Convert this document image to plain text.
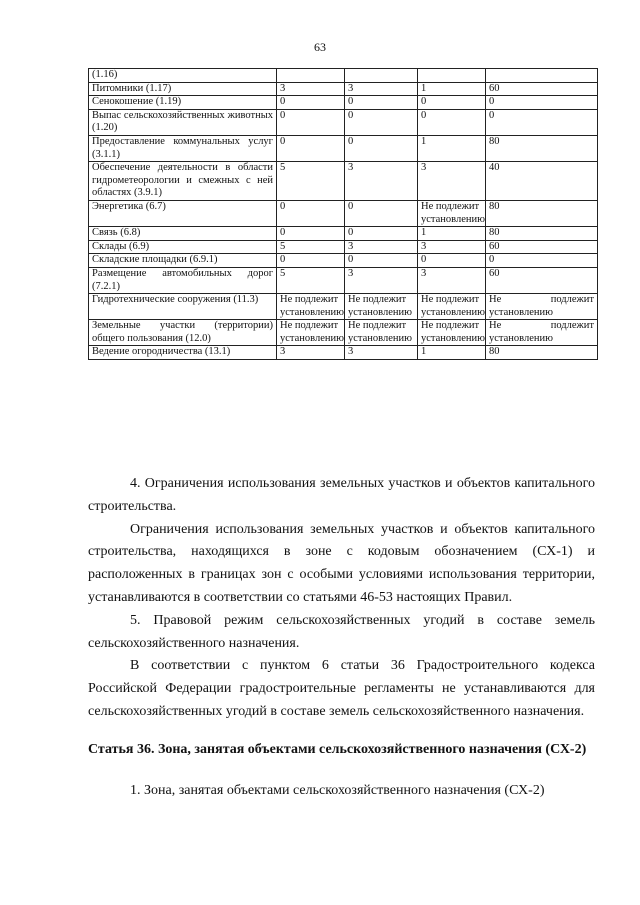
63
(1.16)				
Питомники (1.17)	3	3	1	60
Сенокошение (1.19)	0	0	0	0
Выпас сельскохозяйственных животных (1.20)	0	0	0	0
Предоставление коммунальных услуг (3.1.1)	0	0	1	80
Обеспечение деятельности в области гидрометеорологии и смежных с ней областях (3.9.1)	5	3	3	40
Энергетика (6.7)	0	0	Не подлежит установлению	80
Связь (6.8)	0	0	1	80
Склады (6.9)	5	3	3	60
Складские площадки (6.9.1)	0	0	0	0
Размещение автомобильных дорог (7.2.1)	5	3	3	60
Гидротехнические сооружения (11.3)	Не подлежит установлению	Не подлежит установлению	Не подлежит установлению	Не подлежит установлению
Земельные участки (территории) общего пользования (12.0)	Не подлежит установлению	Не подлежит установлению	Не подлежит установлению	Не подлежит установлению
Ведение огородничества (13.1)	3	3	1	80

4. Ограничения использования земельных участков и объектов капитального строительства.

Ограничения использования земельных участков и объектов капитального строительства, находящихся в зоне с кодовым обозначением (СХ-1) и расположенных в границах зон с особыми условиями использования территории, устанавливаются в соответствии со статьями 46-53 настоящих Правил.

5. Правовой режим сельскохозяйственных угодий в составе земель сельскохозяйственного назначения.

В соответствии с пунктом 6 статьи 36 Градостроительного кодекса Российской Федерации градостроительные регламенты не устанавливаются для сельскохозяйственных угодий в составе земель сельскохозяйственного назначения.

Статья 36. Зона, занятая объектами сельскохозяйственного назначения (СХ-2)

1. Зона, занятая объектами сельскохозяйственного назначения (СХ-2)
